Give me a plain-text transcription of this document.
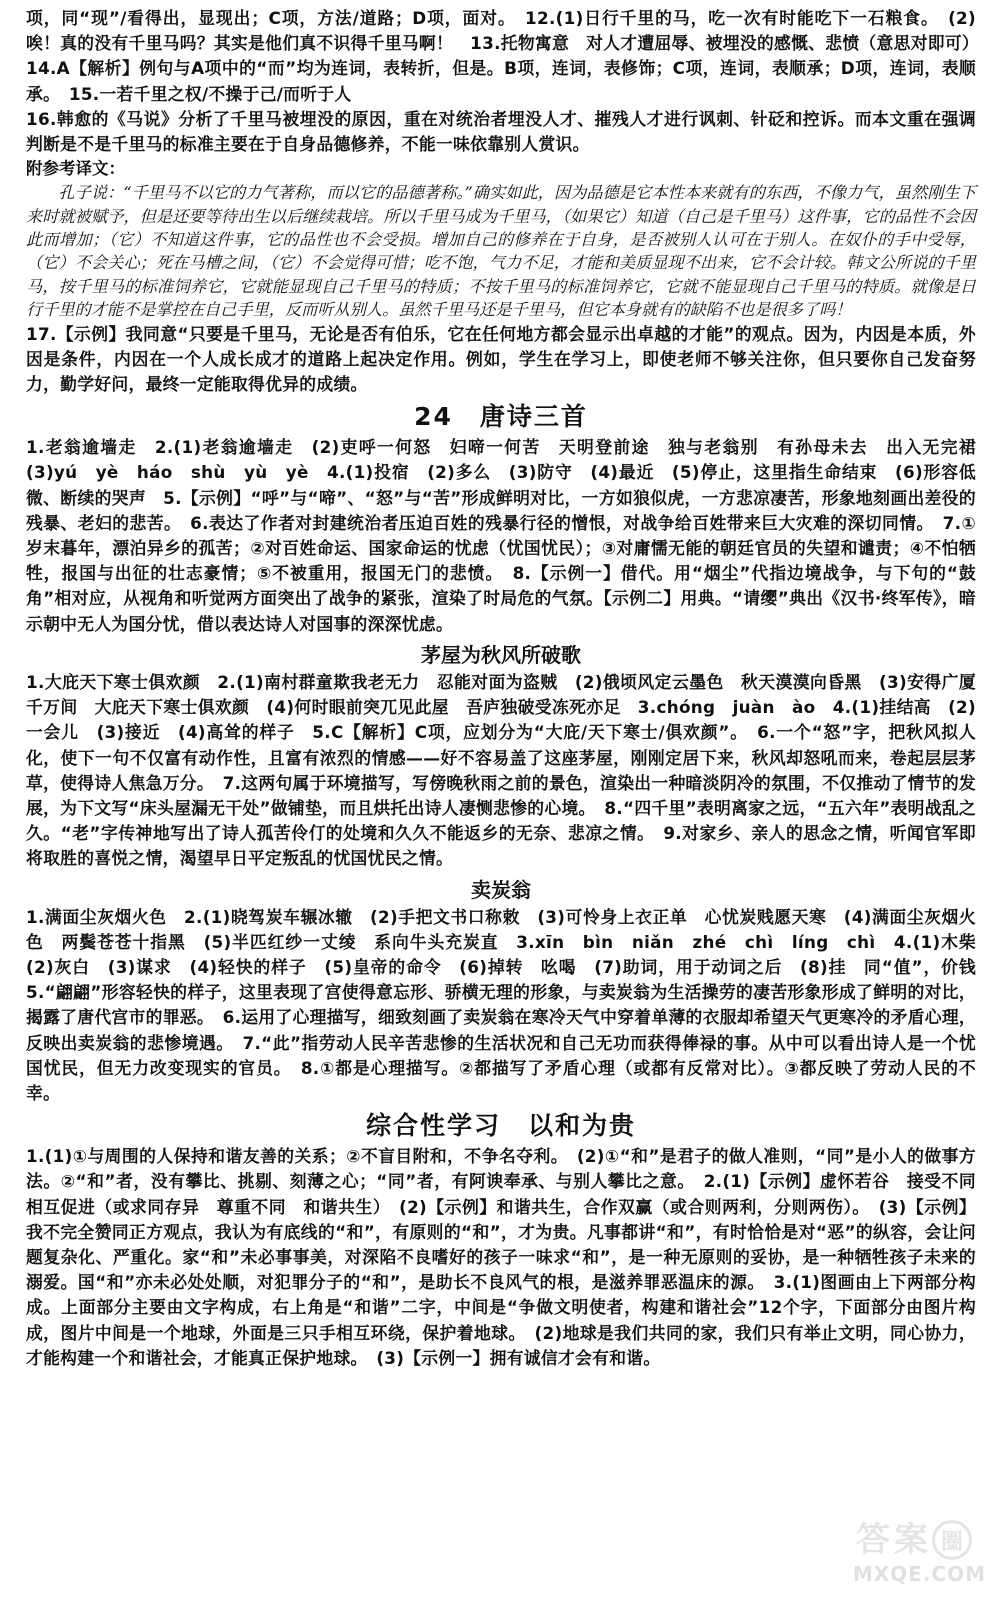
项，同“现”/看得出，显现出；C项，方法/道路；D项，面对。　12.(1)日行千里的马，吃一次有时能吃下一石粮食。　(2)唉！真的没有千里马吗？其实是他们真不识得千里马啊！　13.托物寓意　对人才遭屈辱、被埋没的感慨、悲愤（意思对即可）

14.A【解析】例句与A项中的“而”均为连词，表转折，但是。B项，连词，表修饰；C项，连词，表顺承；D项，连词，表顺承。　15.一若千里之权/不操于己/而听于人

16.韩愈的《马说》分析了千里马被埋没的原因，重在对统治者埋没人才、摧残人才进行讽刺、针砭和控诉。而本文重在强调判断是不是千里马的标准主要在于自身品德修养，不能一味依靠别人赏识。

附参考译文：

孔子说：“千里马不以它的力气著称，而以它的品德著称。”确实如此，因为品德是它本性本来就有的东西，不像力气，虽然刚生下来时就被赋予，但是还要等待出生以后继续栽培。所以千里马成为千里马，（如果它）知道（自己是千里马）这件事，它的品性不会因此而增加；（它）不知道这件事，它的品性也不会受损。增加自己的修养在于自身，是否被别人认可在于别人。在奴仆的手中受辱，（它）不会关心；死在马槽之间，（它）不会觉得可惜；吃不饱，气力不足，才能和美质显现不出来，它不会计较。韩文公所说的千里马，按千里马的标准饲养它，它就能显现自己千里马的特质；不按千里马的标准饲养它，它就不能显现自己千里马的特质。就像是日行千里的才能不是掌控在自己手里，反而听从别人。虽然千里马还是千里马，但它本身就有的缺陷不也是很多了吗！

17.【示例】我同意“只要是千里马，无论是否有伯乐，它在任何地方都会显示出卓越的才能”的观点。因为，内因是本质，外因是条件，内因在一个人成长成才的道路上起决定作用。例如，学生在学习上，即使老师不够关注你，但只要你自己发奋努力，勤学好问，最终一定能取得优异的成绩。

24　唐诗三首

1.老翁逾墙走　2.(1)老翁逾墙走　(2)吏呼一何怒　妇啼一何苦　天明登前途　独与老翁别　有孙母未去　出入无完裙　(3)yú　yè　háo　shù　yù　yè　4.(1)投宿　(2)多么　(3)防守　(4)最近　(5)停止，这里指生命结束　(6)形容低微、断续的哭声　5.【示例】“呼”与“啼”、“怒”与“苦”形成鲜明对比，一方如狼似虎，一方悲凉凄苦，形象地刻画出差役的残暴、老妇的悲苦。　6.表达了作者对封建统治者压迫百姓的残暴行径的憎恨，对战争给百姓带来巨大灾难的深切同情。　7.①岁末暮年，漂泊异乡的孤苦；②对百姓命运、国家命运的忧虑（忧国忧民）；③对庸懦无能的朝廷官员的失望和谴责；④不怕牺牲，报国与出征的壮志豪情；⑤不被重用，报国无门的悲愤。　8.【示例一】借代。用“烟尘”代指边境战争，与下句的“鼓角”相对应，从视角和听觉两方面突出了战争的紧张，渲染了时局危的气氛。【示例二】用典。“请缨”典出《汉书·终军传》，暗示朝中无人为国分忧，借以表达诗人对国事的深深忧虑。

茅屋为秋风所破歌

1.大庇天下寒士俱欢颜　2.(1)南村群童欺我老无力　忍能对面为盗贼　(2)俄顷风定云墨色　秋天漠漠向昏黑　(3)安得广厦千万间　大庇天下寒士俱欢颜　(4)何时眼前突兀见此屋　吾庐独破受冻死亦足　3.chóng　juàn　ào　4.(1)挂结高　(2)一会儿　(3)接近　(4)高耸的样子　5.C【解析】C项，应划分为“大庇/天下寒士/俱欢颜”。　6.一个“怒”字，把秋风拟人化，使下一句不仅富有动作性，且富有浓烈的情感——好不容易盖了这座茅屋，刚刚定居下来，秋风却怒吼而来，卷起层层茅草，使得诗人焦急万分。　7.这两句属于环境描写，写傍晚秋雨之前的景色，渲染出一种暗淡阴冷的氛围，不仅推动了情节的发展，为下文写“床头屋漏无干处”做铺垫，而且烘托出诗人凄恻悲惨的心境。　8.“四千里”表明离家之远，“五六年”表明战乱之久。“老”字传神地写出了诗人孤苦伶仃的处境和久久不能返乡的无奈、悲凉之情。　9.对家乡、亲人的思念之情，听闻官军即将取胜的喜悦之情，渴望早日平定叛乱的忧国忧民之情。

卖炭翁

1.满面尘灰烟火色　2.(1)晓驾炭车辗冰辙　(2)手把文书口称敕　(3)可怜身上衣正单　心忧炭贱愿天寒　(4)满面尘灰烟火色　两鬓苍苍十指黑　(5)半匹红纱一丈绫　系向牛头充炭直　3.xīn　bìn　niǎn　zhé　chì　líng　chì　4.(1)木柴　(2)灰白　(3)谋求　(4)轻快的样子　(5)皇帝的命令　(6)掉转　吆喝　(7)助词，用于动词之后　(8)挂　同“值”，价钱　5.“翩翩”形容轻快的样子，这里表现了宫使得意忘形、骄横无理的形象，与卖炭翁为生活操劳的凄苦形象形成了鲜明的对比，揭露了唐代宫市的罪恶。　6.运用了心理描写，细致刻画了卖炭翁在寒冷天气中穿着单薄的衣服却希望天气更寒冷的矛盾心理，反映出卖炭翁的悲惨境遇。　7.“此”指劳动人民辛苦悲惨的生活状况和自己无功而获得俸禄的事。从中可以看出诗人是一个忧国忧民，但无力改变现实的官员。　8.①都是心理描写。②都描写了矛盾心理（或都有反常对比）。③都反映了劳动人民的不幸。

综合性学习　以和为贵

1.(1)①与周围的人保持和谐友善的关系；②不盲目附和，不争名夺利。　(2)①“和”是君子的做人准则，“同”是小人的做事方法。②“和”者，没有攀比、挑剔、刻薄之心；“同”者，有阿谀奉承、与别人攀比之意。　2.(1)【示例】虚怀若谷　接受不同　相互促进（或求同存异　尊重不同　和谐共生）　(2)【示例】和谐共生，合作双赢（或合则两利，分则两伤）。　(3)【示例】我不完全赞同正方观点，我认为有底线的“和”，有原则的“和”，才为贵。凡事都讲“和”，有时恰恰是对“恶”的纵容，会让问题复杂化、严重化。家“和”未必事事美，对深陷不良嗜好的孩子一味求“和”，是一种无原则的妥协，是一种牺牲孩子未来的溺爱。国“和”亦未必处处顺，对犯罪分子的“和”，是助长不良风气的根，是滋养罪恶温床的源。　3.(1)图画由上下两部分构成。上面部分主要由文字构成，右上角是“和谐”二字，中间是“争做文明使者，构建和谐社会”12个字，下面部分由图片构成，图片中间是一个地球，外面是三只手相互环绕，保护着地球。　(2)地球是我们共同的家，我们只有举止文明，同心协力，才能构建一个和谐社会，才能真正保护地球。　(3)【示例一】拥有诚信才会有和谐。

答 案 圈
MXQE.COM
